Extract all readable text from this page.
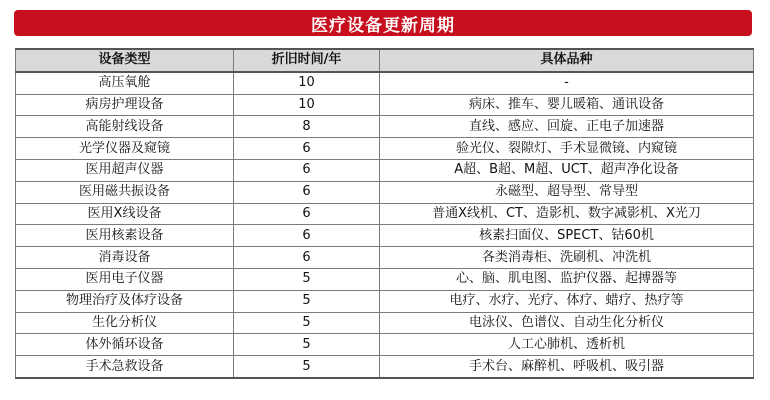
医疗设备更新周期
设备类型	折旧时间/年	具体品种
高压氧舱	10	-
病房护理设备	10	病床、推车、婴儿暖箱、通讯设备
高能射线设备	8	直线、感应、回旋、正电子加速器
光学仪器及窥镜	6	验光仪、裂隙灯、手术显微镜、内窥镜
医用超声仪器	6	A超、B超、M超、UCT、超声净化设备
医用磁共振设备	6	永磁型、超导型、常导型
医用X线设备	6	普通X线机、CT、造影机、数字减影机、X光刀
医用核素设备	6	核素扫面仪、SPECT、钴60机
消毒设备	6	各类消毒柜、洗刷机、冲洗机
医用电子仪器	5	心、脑、肌电图、监护仪器、起搏器等
物理治疗及体疗设备	5	电疗、水疗、光疗、体疗、蜡疗、热疗等
生化分析仪	5	电泳仪、色谱仪、自动生化分析仪
体外循环设备	5	人工心肺机、透析机
手术急救设备	5	手术台、麻醉机、呼吸机、吸引器
